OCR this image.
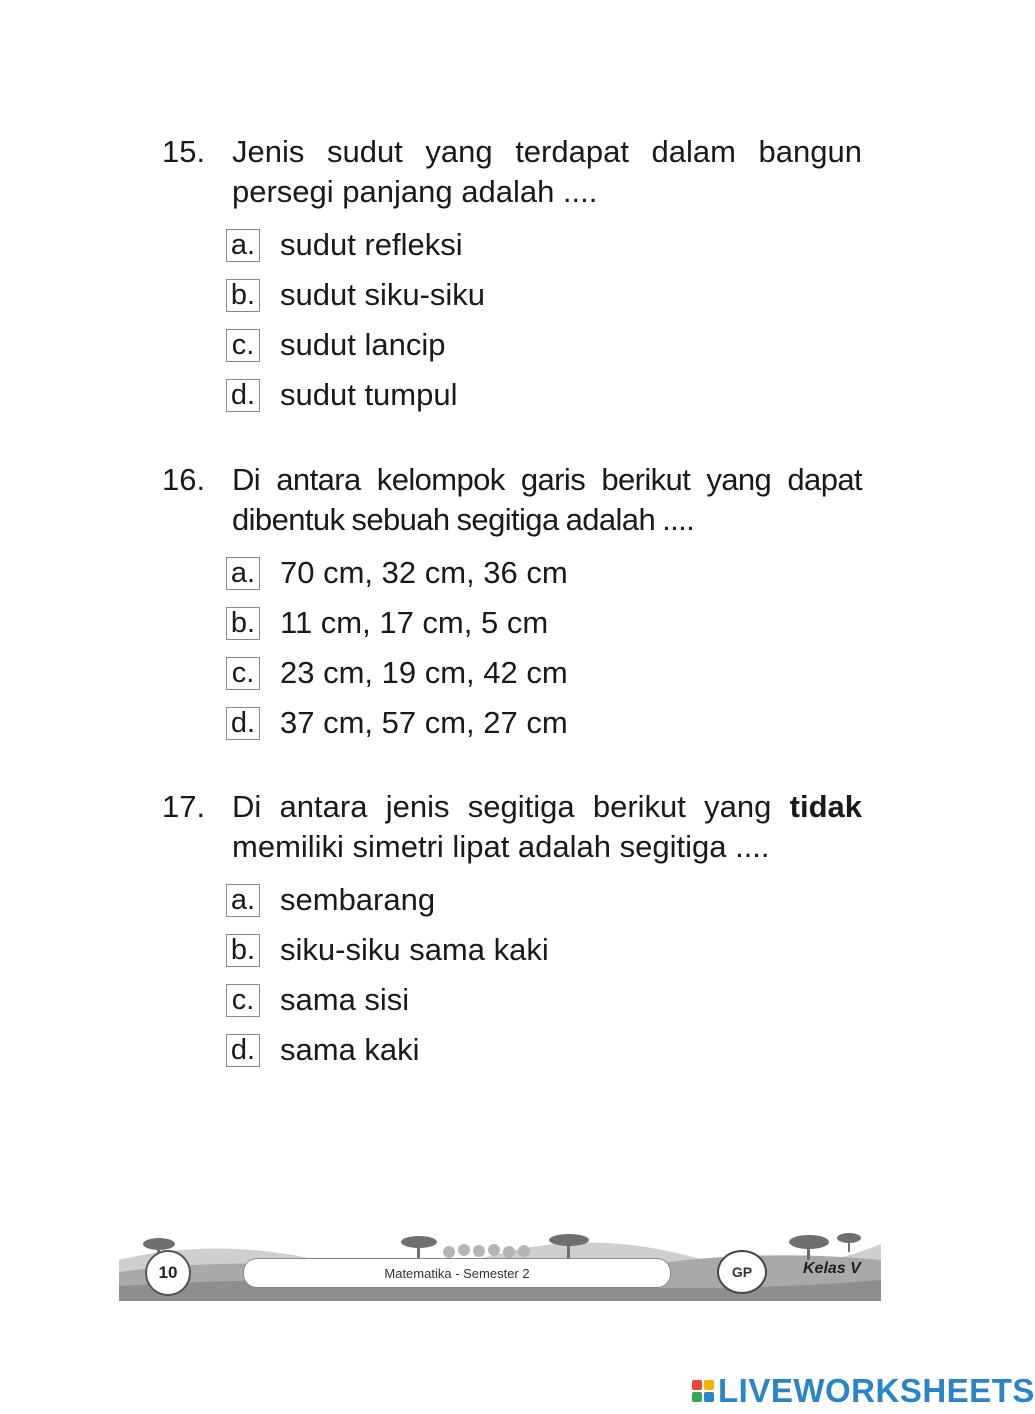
15. Jenis sudut yang terdapat dalam bangun persegi panjang adalah ....
a. sudut refleksi
b. sudut siku-siku
c. sudut lancip
d. sudut tumpul
16. Di antara kelompok garis berikut yang dapat dibentuk sebuah segitiga adalah ....
a. 70 cm, 32 cm, 36 cm
b. 11 cm, 17 cm, 5 cm
c. 23 cm, 19 cm, 42 cm
d. 37 cm, 57 cm, 27 cm
17. Di antara jenis segitiga berikut yang tidak memiliki simetri lipat adalah segitiga ....
a. sembarang
b. siku-siku sama kaki
c. sama sisi
d. sama kaki
10	Matematika - Semester 2	GP	Kelas V
LIVEWORKSHEETS
